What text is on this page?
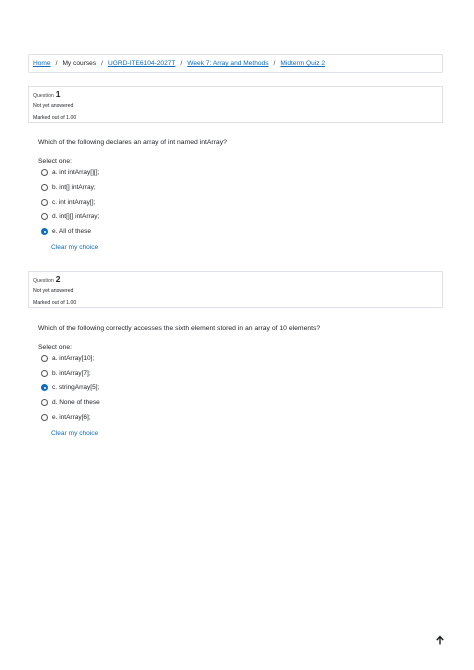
Home / My courses / UGRD-ITE6104-2027T / Week 7: Array and Methods / Midterm Quiz 2
Question 1
Not yet answered
Marked out of 1.00
Which of the following declares an array of int named intArray?
Select one:
a. int intArray[][];
b. int[] intArray;
c. int intArray[];
d. int[][] intArray;
e. All of these
Clear my choice
Question 2
Not yet answered
Marked out of 1.00
Which of the following correctly accesses the sixth element stored in an array of 10 elements?
Select one:
a. intArray[10];
b. intArray[7];
c. stringArray[5];
d. None of these
e. intArray[6];
Clear my choice
